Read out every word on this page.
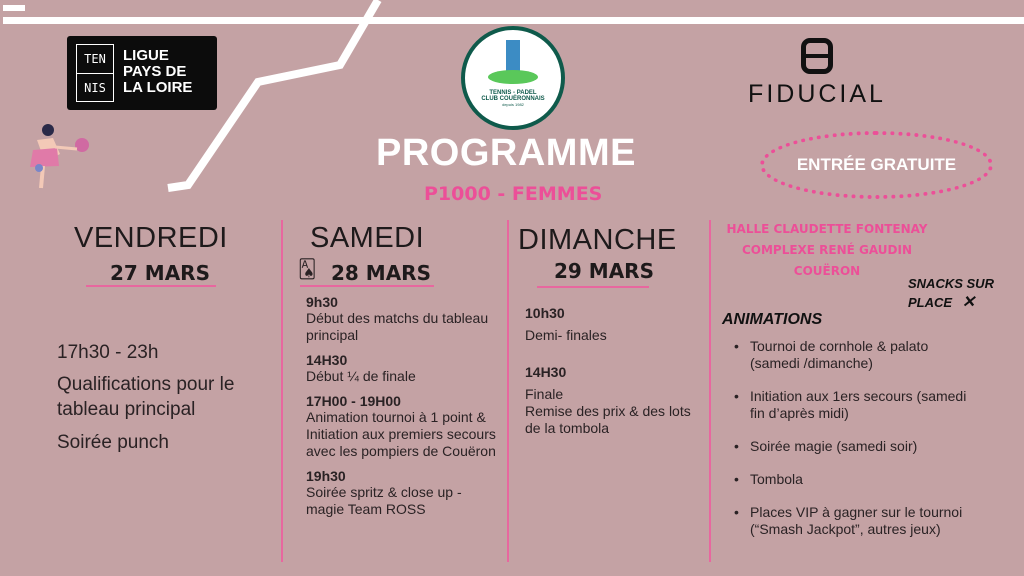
TEN
NIS
LIGUE
PAYS DE
LA LOIRE	TENNIS - PADEL
CLUB COUËRONNAIS
depuis 1982	FIDUCIAL
PROGRAMME
P1000 - FEMMES
ENTRÉE GRATUITE
VENDREDI
27 MARS
17h30 - 23h
Qualifications pour le tableau principal
Soirée punch
SAMEDI
🂡 28 MARS
9h30
Début des matchs du tableau principal
14H30
Début ¼ de finale
17H00 - 19H00
Animation tournoi à 1 point & Initiation aux premiers secours avec les pompiers de Couëron
19h30
Soirée spritz & close up - magie Team ROSS
DIMANCHE
29 MARS
10h30
Demi- finales
14H30
Finale
Remise des prix & des lots de la tombola
HALLE CLAUDETTE FONTENAY
COMPLEXE RENÉ GAUDIN
COUËRON
SNACKS SUR
PLACE ✕
ANIMATIONS
• Tournoi de cornhole & palato (samedi /dimanche)
• Initiation aux 1ers secours (samedi fin d’après midi)
• Soirée magie (samedi soir)
• Tombola
• Places VIP à gagner sur le tournoi (“Smash Jackpot”, autres jeux)
